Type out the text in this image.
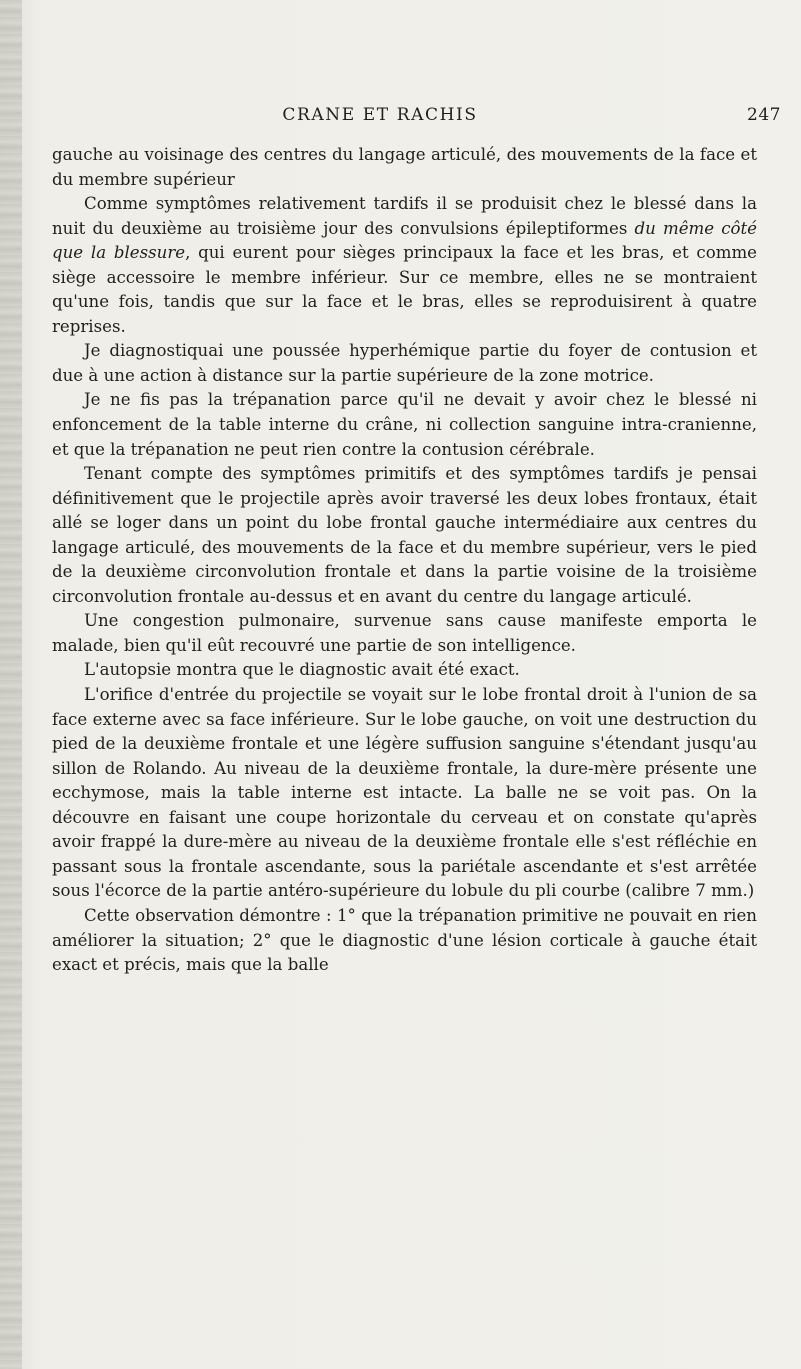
CRANE ET RACHIS	247

gauche au voisinage des centres du langage articulé, des mouvements de la face et du membre supérieur

Comme symptômes relativement tardifs il se produisit chez le blessé dans la nuit du deuxième au troisième jour des convulsions épileptiformes du même côté que la blessure, qui eurent pour sièges principaux la face et les bras, et comme siège accessoire le membre inférieur. Sur ce membre, elles ne se montraient qu'une fois, tandis que sur la face et le bras, elles se reproduisirent à quatre reprises.

Je diagnostiquai une poussée hyperhémique partie du foyer de contusion et due à une action à distance sur la partie supérieure de la zone motrice.

Je ne fis pas la trépanation parce qu'il ne devait y avoir chez le blessé ni enfoncement de la table interne du crâne, ni collection sanguine intra-cranienne, et que la trépanation ne peut rien contre la contusion cérébrale.

Tenant compte des symptômes primitifs et des symptômes tardifs je pensai définitivement que le projectile après avoir traversé les deux lobes frontaux, était allé se loger dans un point du lobe frontal gauche intermédiaire aux centres du langage articulé, des mouvements de la face et du membre supérieur, vers le pied de la deuxième circonvolution frontale et dans la partie voisine de la troisième circonvolution frontale au-dessus et en avant du centre du langage articulé.

Une congestion pulmonaire, survenue sans cause manifeste emporta le malade, bien qu'il eût recouvré une partie de son intelligence.

L'autopsie montra que le diagnostic avait été exact.

L'orifice d'entrée du projectile se voyait sur le lobe frontal droit à l'union de sa face externe avec sa face inférieure. Sur le lobe gauche, on voit une destruction du pied de la deuxième frontale et une légère suffusion sanguine s'étendant jusqu'au sillon de Rolando. Au niveau de la deuxième frontale, la dure-mère présente une ecchymose, mais la table interne est intacte. La balle ne se voit pas. On la découvre en faisant une coupe horizontale du cerveau et on constate qu'après avoir frappé la dure-mère au niveau de la deuxième frontale elle s'est réfléchie en passant sous la frontale ascendante, sous la pariétale ascendante et s'est arrêtée sous l'écorce de la partie antéro-supérieure du lobule du pli courbe (calibre 7 mm.)

Cette observation démontre : 1° que la trépanation primitive ne pouvait en rien améliorer la situation; 2° que le diagnostic d'une lésion corticale à gauche était exact et précis, mais que la balle
